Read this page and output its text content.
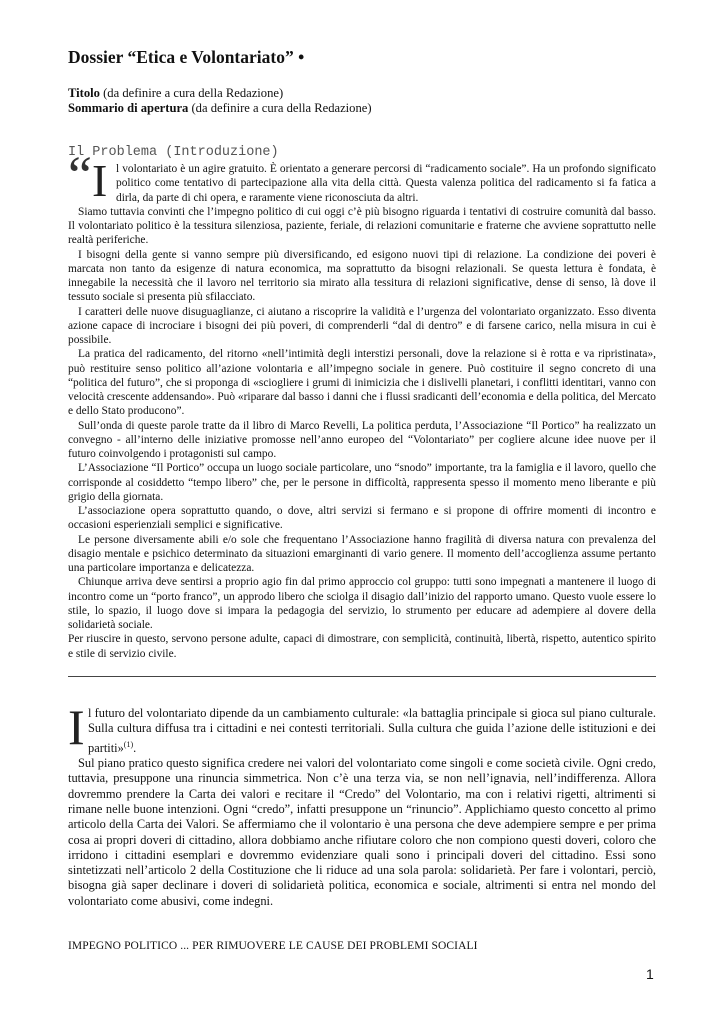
Dossier “Etica e Volontariato” •
Titolo (da definire a cura della Redazione)
Sommario di apertura (da definire a cura della Redazione)
Il Problema (Introduzione)
“ I l volontariato è un agire gratuito. È orientato a generare percorsi di “radicamento sociale”. Ha un profondo significato politico come tentativo di partecipazione alla vita della città. Questa valenza politica del radicamento si fa fatica a dirla, da parte di chi opera, e raramente viene riconosciuta da altri.

Siamo tuttavia convinti che l’impegno politico di cui oggi c’è più bisogno riguarda i tentativi di costruire comunità dal basso. Il volontariato politico è la tessitura silenziosa, paziente, feriale, di relazioni comunitarie e fraterne che avviene soprattutto nelle realtà periferiche.

I bisogni della gente si vanno sempre più diversificando, ed esigono nuovi tipi di relazione. La condizione dei poveri è marcata non tanto da esigenze di natura economica, ma soprattutto da bisogni relazionali. Se questa lettura è fondata, è innegabile la necessità che il lavoro nel territorio sia mirato alla tessitura di relazioni significative, dense di senso, là dove il tessuto sociale si presenta più sfilacciato.

I caratteri delle nuove disuguaglianze, ci aiutano a riscoprire la validità e l’urgenza del volontariato organizzato. Esso diventa azione capace di incrociare i bisogni dei più poveri, di comprenderli “dal di dentro” e di farsene carico, nella misura in cui è possibile.

La pratica del radicamento, del ritorno «nell’intimità degli interstizi personali, dove la relazione si è rotta e va ripristinata», può restituire senso politico all’azione volontaria e all’impegno sociale in genere. Può costituire il segno concreto di una “politica del futuro”, che si proponga di «sciogliere i grumi di inimicizia che i dislivelli planetari, i conflitti identitari, vanno con velocità crescente addensando». Può «riparare dal basso i danni che i flussi sradicanti dell’economia e della politica, del Mercato e dello Stato producono”.

Sull’onda di queste parole tratte da il libro di Marco Revelli, La politica perduta, l’Associazione “Il Portico” ha realizzato un convegno - all’interno delle iniziative promosse nell’anno europeo del “Volontariato” per cogliere alcune idee nuove per il futuro coinvolgendo i protagonisti sul campo.

L’Associazione “Il Portico” occupa un luogo sociale particolare, uno “snodo” importante, tra la famiglia e il lavoro, quello che corrisponde al cosiddetto “tempo libero” che, per le persone in difficoltà, rappresenta spesso il momento meno liberante e più grigio della giornata.

L’associazione opera soprattutto quando, o dove, altri servizi si fermano e si propone di offrire momenti di incontro e occasioni esperienziali semplici e significative.

Le persone diversamente abili e/o sole che frequentano l’Associazione hanno fragilità di diversa natura con prevalenza del disagio mentale e psichico determinato da situazioni emarginanti di vario genere. Il momento dell’accoglienza assume pertanto una particolare importanza e delicatezza.

Chiunque arriva deve sentirsi a proprio agio fin dal primo approccio col gruppo: tutti sono impegnati a mantenere il luogo di incontro come un “porto franco”, un approdo libero che sciolga il disagio dall’inizio del rapporto umano. Questo vuole essere lo stile, lo spazio, il luogo dove si impara la pedagogia del servizio, lo strumento per educare ad adempiere al dovere della solidarietà sociale.

Per riuscire in questo, servono persone adulte, capaci di dimostrare, con semplicità, continuità, libertà, rispetto, autentico spirito e stile di servizio civile.

I l futuro del volontariato dipende da un cambiamento culturale: «la battaglia principale si gioca sul piano culturale. Sulla cultura diffusa tra i cittadini e nei contesti territoriali. Sulla cultura che guida l’azione delle istituzioni e dei partiti»$^{(1)}$.

Sul piano pratico questo significa credere nei valori del volontariato come singoli e come società civile. Ogni credo, tuttavia, presuppone una rinuncia simmetrica. Non c’è una terza via, se non nell’ignavia, nell’indifferenza. Allora dovremmo prendere la Carta dei valori e recitare il “Credo” del Volontario, ma con i relativi rigetti, altrimenti si rimane nelle buone intenzioni. Ogni “credo”, infatti presuppone un “rinuncio”. Applichiamo questo concetto al primo articolo della Carta dei Valori. Se affermiamo che il volontario è una persona che deve adempiere sempre e per prima cosa ai propri doveri di cittadino, allora dobbiamo anche rifiutare coloro che non compiono questi doveri, coloro che irridono i cittadini esemplari e dovremmo evidenziare quali sono i principali doveri del cittadino. Essi sono sintetizzati nell’articolo 2 della Costituzione che li riduce ad una sola parola: solidarietà. Per fare i volontari, perciò, bisogna già saper declinare i doveri di solidarietà politica, economica e sociale, altrimenti si entra nel mondo del volontariato come abusivi, come indegni.

IMPEGNO POLITICO ... PER RIMUOVERE LE CAUSE DEI PROBLEMI SOCIALI
1
